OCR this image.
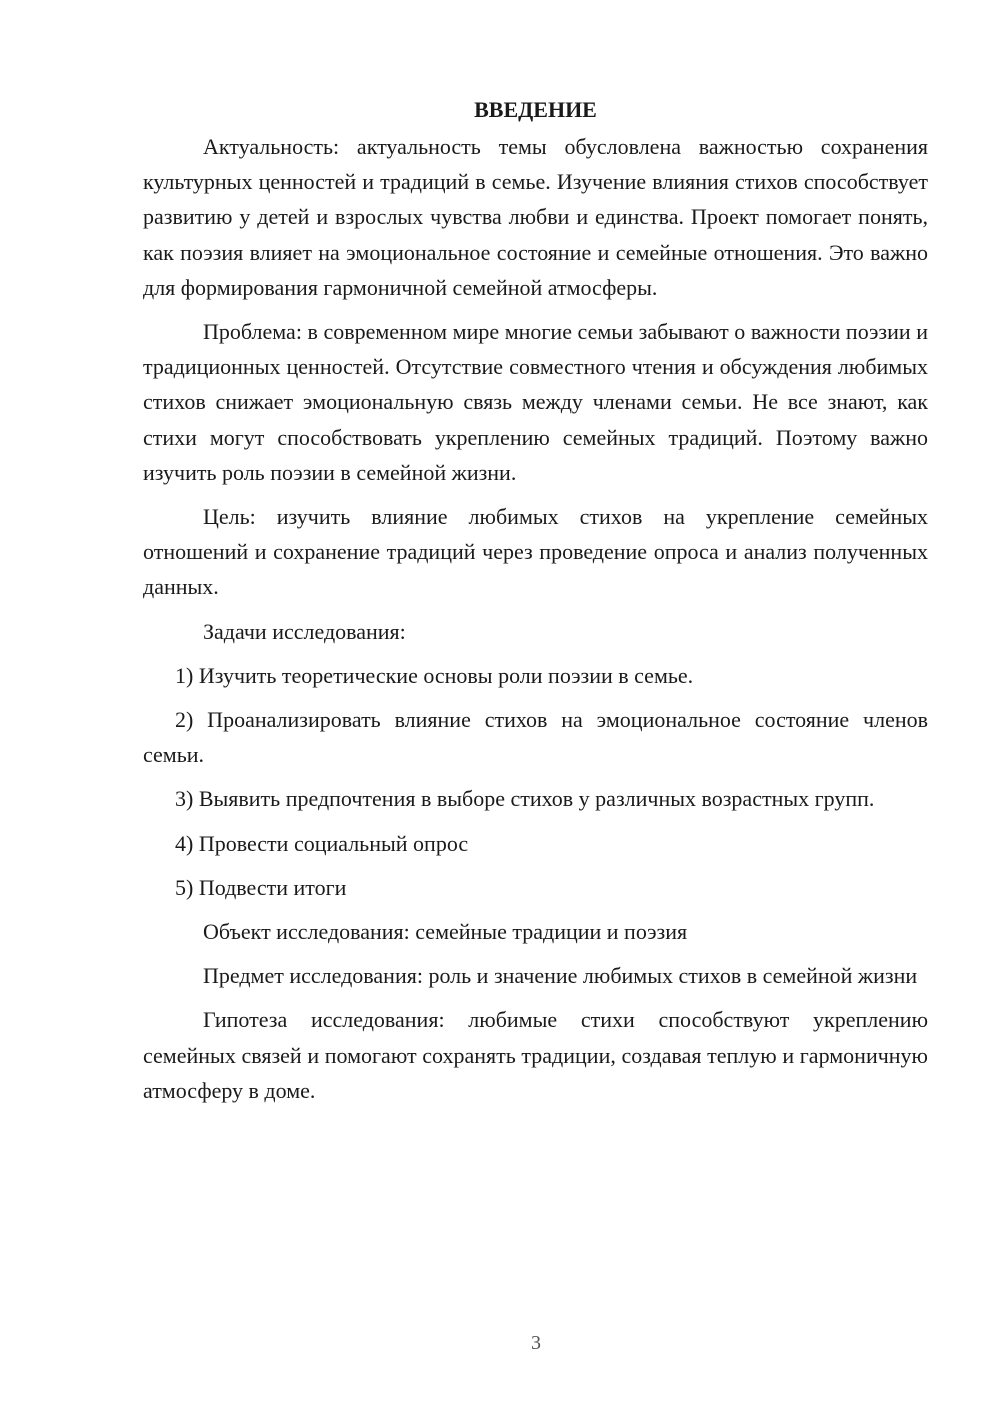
ВВЕДЕНИЕ

Актуальность: актуальность темы обусловлена важностью сохранения культурных ценностей и традиций в семье. Изучение влияния стихов способствует развитию у детей и взрослых чувства любви и единства. Проект помогает понять, как поэзия влияет на эмоциональное состояние и семейные отношения. Это важно для формирования гармоничной семейной атмосферы.

Проблема: в современном мире многие семьи забывают о важности поэзии и традиционных ценностей. Отсутствие совместного чтения и обсуждения любимых стихов снижает эмоциональную связь между членами семьи. Не все знают, как стихи могут способствовать укреплению семейных традиций. Поэтому важно изучить роль поэзии в семейной жизни.

Цель: изучить влияние любимых стихов на укрепление семейных отношений и сохранение традиций через проведение опроса и анализ полученных данных.

Задачи исследования:

1) Изучить теоретические основы роли поэзии в семье.

2) Проанализировать влияние стихов на эмоциональное состояние членов семьи.

3) Выявить предпочтения в выборе стихов у различных возрастных групп.

4) Провести социальный опрос

5) Подвести итоги

Объект исследования: семейные традиции и поэзия

Предмет исследования: роль и значение любимых стихов в семейной жизни

Гипотеза исследования: любимые стихи способствуют укреплению семейных связей и помогают сохранять традиции, создавая теплую и гармоничную атмосферу в доме.

3
